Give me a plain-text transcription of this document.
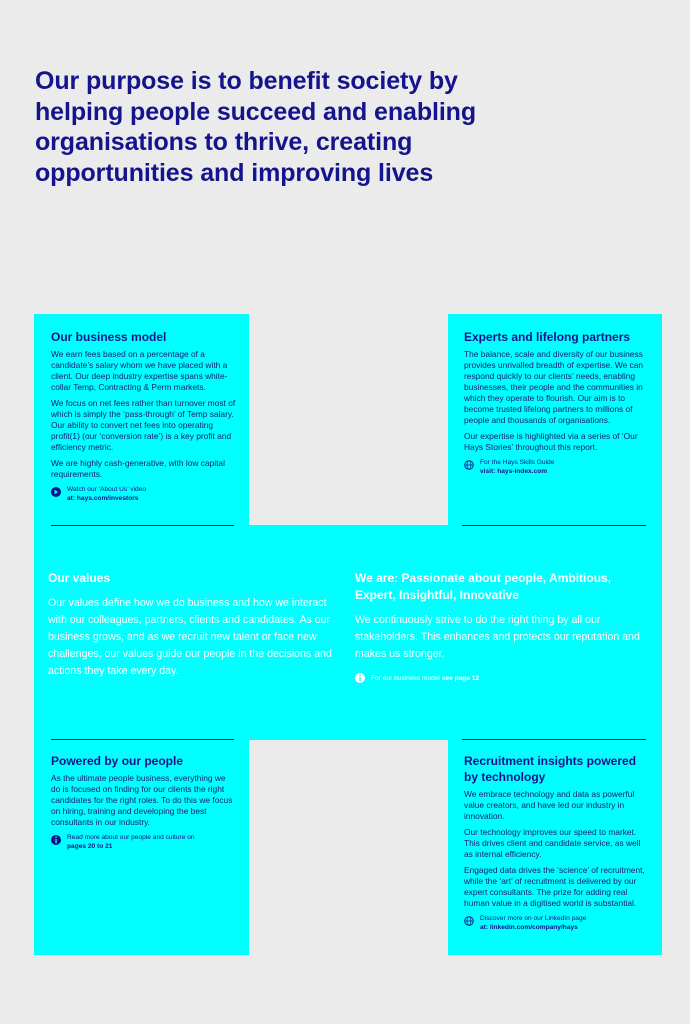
Our purpose is to benefit society by helping people succeed and enabling organisations to thrive, creating opportunities and improving lives
Our business model

We earn fees based on a percentage of a candidate’s salary whom we have placed with a client. Our deep industry expertise spans white-collar Temp, Contracting & Perm markets.

We focus on net fees rather than turnover most of which is simply the ‘pass-through’ of Temp salary. Our ability to convert net fees into operating profit(1) (our ‘conversion rate’) is a key profit and efficiency metric.

We are highly cash-generative, with low capital requirements.

Watch our ‘About Us’ video
at: hays.com/investors
Experts and lifelong partners

The balance, scale and diversity of our business provides unrivalled breadth of expertise. We can respond quickly to our clients’ needs, enabling businesses, their people and the communities in which they operate to flourish. Our aim is to become trusted lifelong partners to millions of people and thousands of organisations.

Our expertise is highlighted via a series of ‘Our Hays Stories’ throughout this report.

For the Hays Skills Guide
visit: hays-index.com
Our values

Our values define how we do business and how we interact with our colleagues, partners, clients and candidates. As our business grows, and as we recruit new talent or face new challenges, our values guide our people in the decisions and actions they take every day.

We are: Passionate about people, Ambitious, Expert, Insightful, Innovative

We continuously strive to do the right thing by all our stakeholders. This enhances and protects our reputation and makes us stronger.

For our business model see page 12
Powered by our people

As the ultimate people business, everything we do is focused on finding for our clients the right candidates for the right roles. To do this we focus on hiring, training and developing the best consultants in our industry.

Read more about our people and culture on
pages 20 to 21
Recruitment insights powered by technology

We embrace technology and data as powerful value creators, and have led our industry in innovation.

Our technology improves our speed to market. This drives client and candidate service, as well as internal efficiency.

Engaged data drives the ‘science’ of recruitment, while the ‘art’ of recruitment is delivered by our expert consultants. The prize for adding real human value in a digitised world is substantial.

Discover more on our LinkedIn page
at: linkedin.com/company/hays
